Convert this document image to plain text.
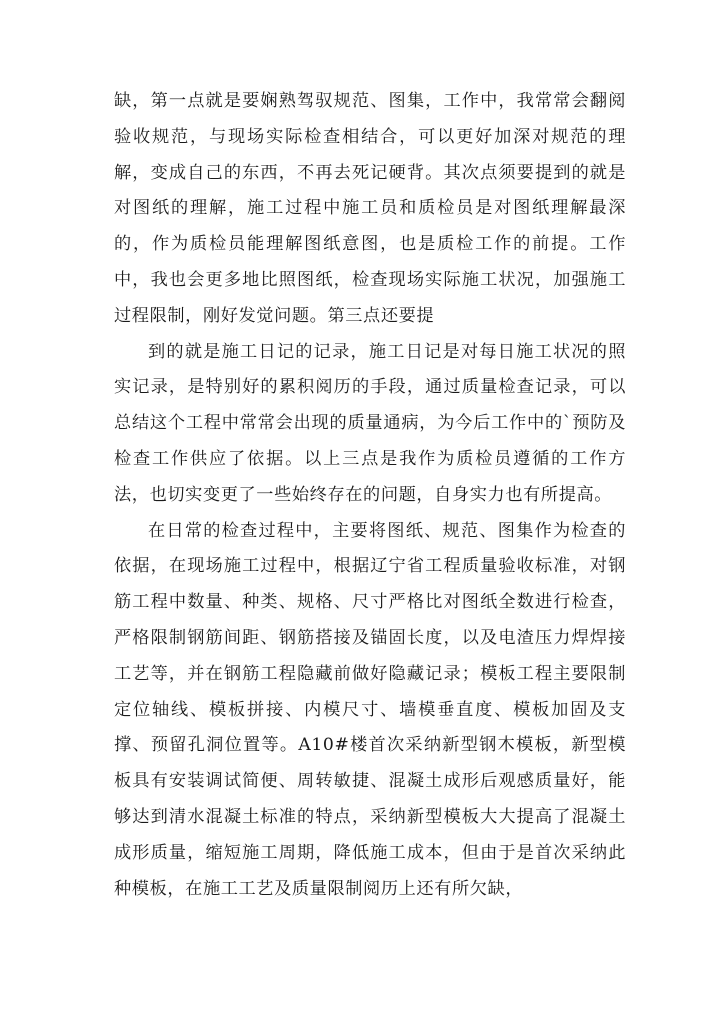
缺，第一点就是要娴熟驾驭规范、图集，工作中，我常常会翻阅验收规范，与现场实际检查相结合，可以更好加深对规范的理解，变成自己的东西，不再去死记硬背。其次点须要提到的就是对图纸的理解，施工过程中施工员和质检员是对图纸理解最深的，作为质检员能理解图纸意图，也是质检工作的前提。工作中，我也会更多地比照图纸，检查现场实际施工状况，加强施工过程限制，刚好发觉问题。第三点还要提

到的就是施工日记的记录，施工日记是对每日施工状况的照实记录，是特别好的累积阅历的手段，通过质量检查记录，可以总结这个工程中常常会出现的质量通病，为今后工作中的`预防及检查工作供应了依据。以上三点是我作为质检员遵循的工作方法，也切实变更了一些始终存在的问题，自身实力也有所提高。

在日常的检查过程中，主要将图纸、规范、图集作为检查的依据，在现场施工过程中，根据辽宁省工程质量验收标准，对钢筋工程中数量、种类、规格、尺寸严格比对图纸全数进行检查，严格限制钢筋间距、钢筋搭接及锚固长度，以及电渣压力焊焊接工艺等，并在钢筋工程隐藏前做好隐藏记录；模板工程主要限制定位轴线、模板拼接、内模尺寸、墙模垂直度、模板加固及支撑、预留孔洞位置等。A10#楼首次采纳新型钢木模板，新型模板具有安装调试简便、周转敏捷、混凝土成形后观感质量好，能够达到清水混凝土标准的特点，采纳新型模板大大提高了混凝土成形质量，缩短施工周期，降低施工成本，但由于是首次采纳此种模板，在施工工艺及质量限制阅历上还有所欠缺，
